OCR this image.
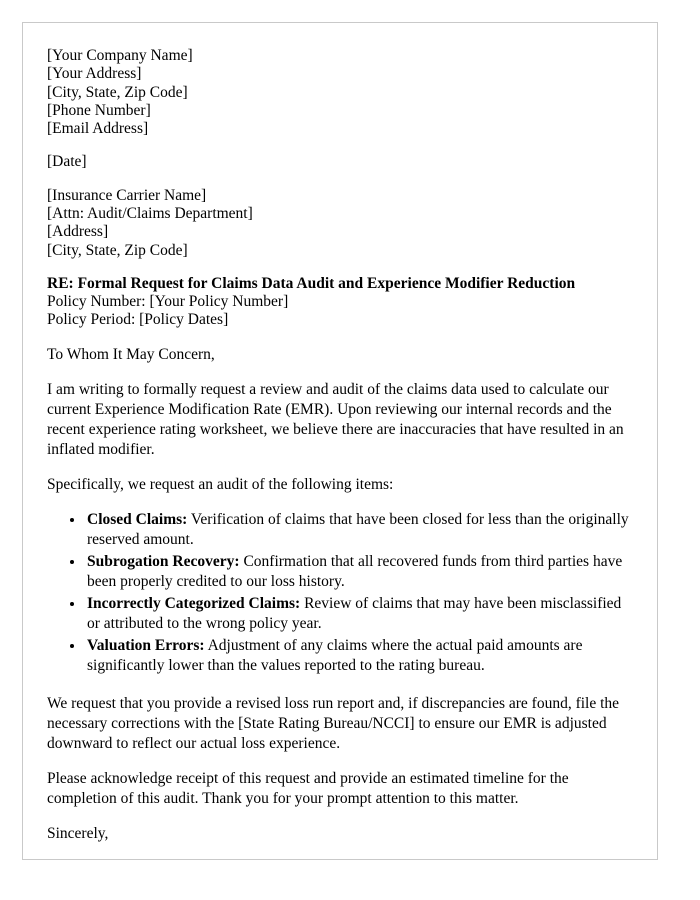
[Your Company Name]
[Your Address]
[City, State, Zip Code]
[Phone Number]
[Email Address]
[Date]
[Insurance Carrier Name]
[Attn: Audit/Claims Department]
[Address]
[City, State, Zip Code]
RE: Formal Request for Claims Data Audit and Experience Modifier Reduction
Policy Number: [Your Policy Number]
Policy Period: [Policy Dates]

To Whom It May Concern,

I am writing to formally request a review and audit of the claims data used to calculate our current Experience Modification Rate (EMR). Upon reviewing our internal records and the recent experience rating worksheet, we believe there are inaccuracies that have resulted in an inflated modifier.

Specifically, we request an audit of the following items:

• Closed Claims: Verification of claims that have been closed for less than the originally reserved amount.
• Subrogation Recovery: Confirmation that all recovered funds from third parties have been properly credited to our loss history.
• Incorrectly Categorized Claims: Review of claims that may have been misclassified or attributed to the wrong policy year.
• Valuation Errors: Adjustment of any claims where the actual paid amounts are significantly lower than the values reported to the rating bureau.

We request that you provide a revised loss run report and, if discrepancies are found, file the necessary corrections with the [State Rating Bureau/NCCI] to ensure our EMR is adjusted downward to reflect our actual loss experience.

Please acknowledge receipt of this request and provide an estimated timeline for the completion of this audit. Thank you for your prompt attention to this matter.

Sincerely,
